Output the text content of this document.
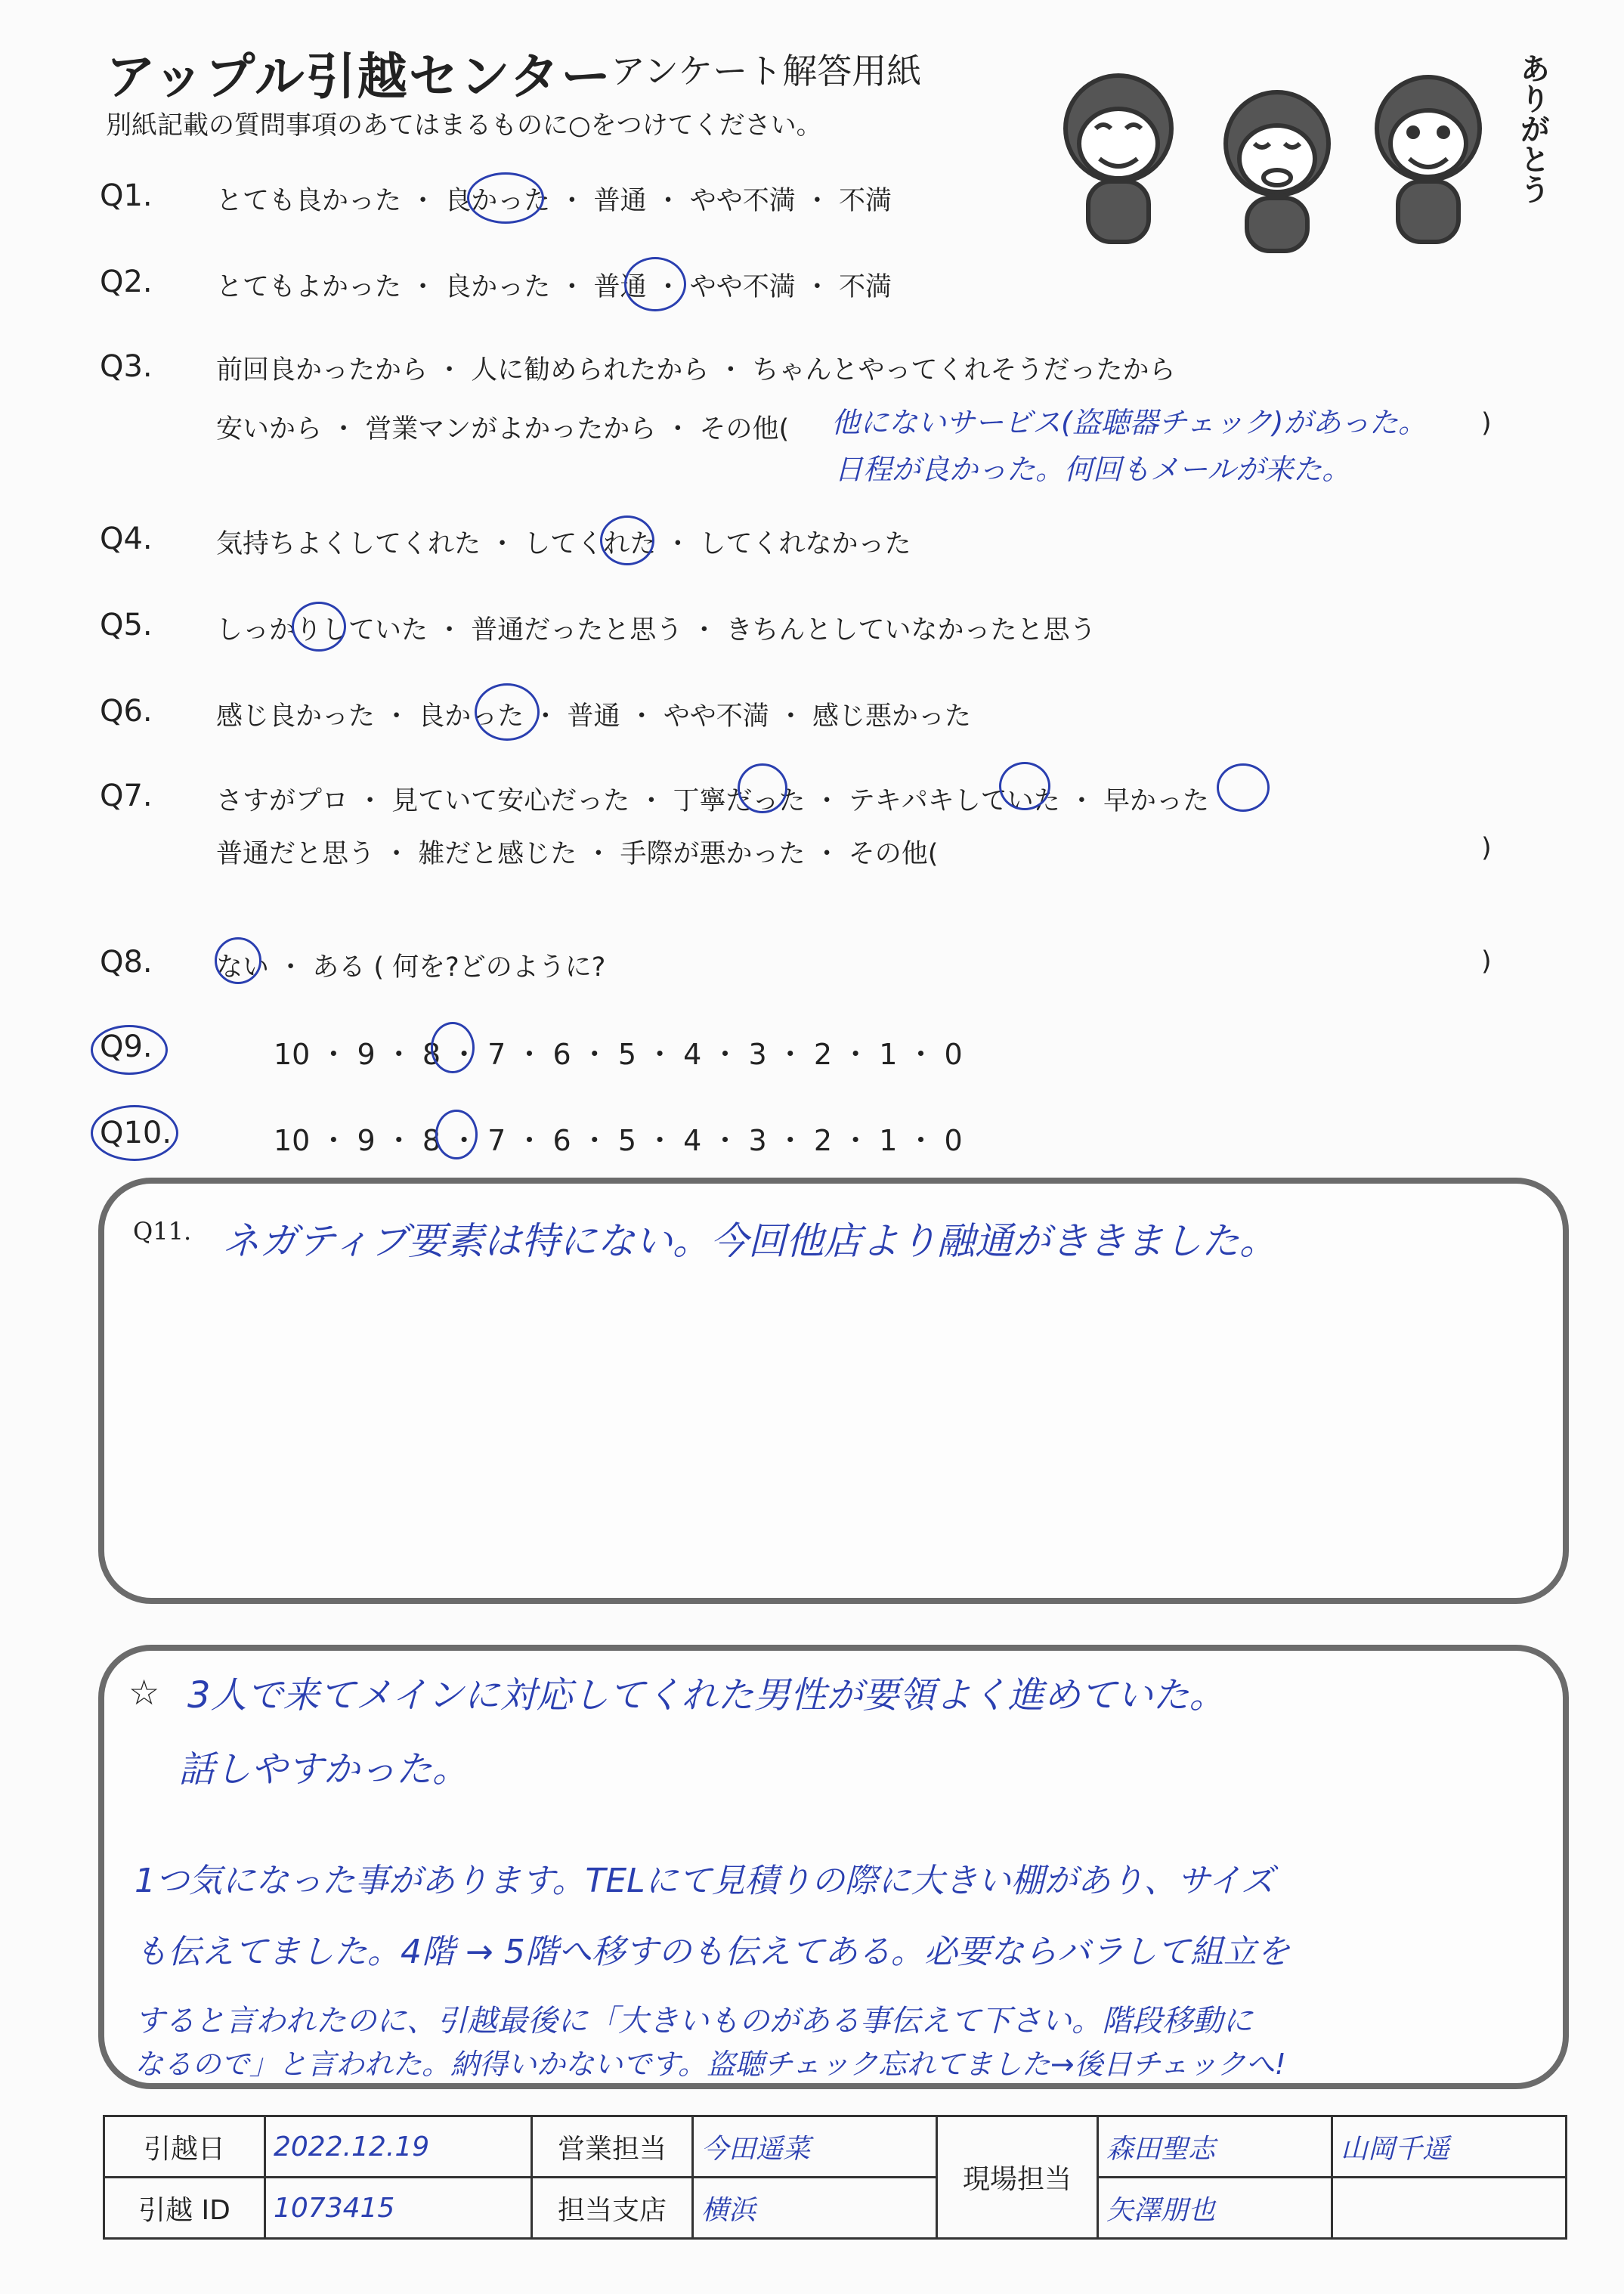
アップル引越センター
アンケート解答用紙
別紙記載の質問事項のあてはまるものに○をつけてください。	ありがとう
Q1. とても良かった ・ 良かった ・ 普通 ・ やや不満 ・ 不満
Q2. とてもよかった ・ 良かった ・ 普通 ・ やや不満 ・ 不満
Q3. 前回良かったから ・ 人に勧められたから ・ ちゃんとやってくれそうだったから
安いから ・ 営業マンがよかったから ・ その他(	)
他にないサービス(盗聴器チェック)があった。
日程が良かった。何回もメールが来た。
Q4. 気持ちよくしてくれた ・ してくれた ・ してくれなかった
Q5. しっかりしていた ・ 普通だったと思う ・ きちんとしていなかったと思う
Q6. 感じ良かった ・ 良かった ・ 普通 ・ やや不満 ・ 感じ悪かった
Q7. さすがプロ ・ 見ていて安心だった ・ 丁寧だった ・ テキパキしていた ・ 早かった
普通だと思う ・ 雑だと感じた ・ 手際が悪かった ・ その他(	)
Q8. ない ・ ある ( 何を?どのように?	)
Q9.	10 ・ 9 ・ 8 ・ 7 ・ 6 ・ 5 ・ 4 ・ 3 ・ 2 ・ 1 ・ 0
Q10.	10 ・ 9 ・ 8 ・ 7 ・ 6 ・ 5 ・ 4 ・ 3 ・ 2 ・ 1 ・ 0
Q11. ネガティブ要素は特にない。今回他店より融通がききました。
☆ 3人で来てメインに対応してくれた男性が要領よく進めていた。
話しやすかった。
1つ気になった事があります。TELにて見積りの際に大きい棚があり、サイズ
も伝えてました。4階 → 5階へ移すのも伝えてある。必要ならバラして組立を
すると言われたのに、引越最後に「大きいものがある事伝えて下さい。階段移動に
なるので」と言われた。納得いかないです。盗聴チェック忘れてました→後日チェックへ!
引越日	2022.12.19	営業担当	今田遥菜	現場担当	森田聖志	山岡千遥
引越 ID	1073415	担当支店	横浜		矢澤朋也	
